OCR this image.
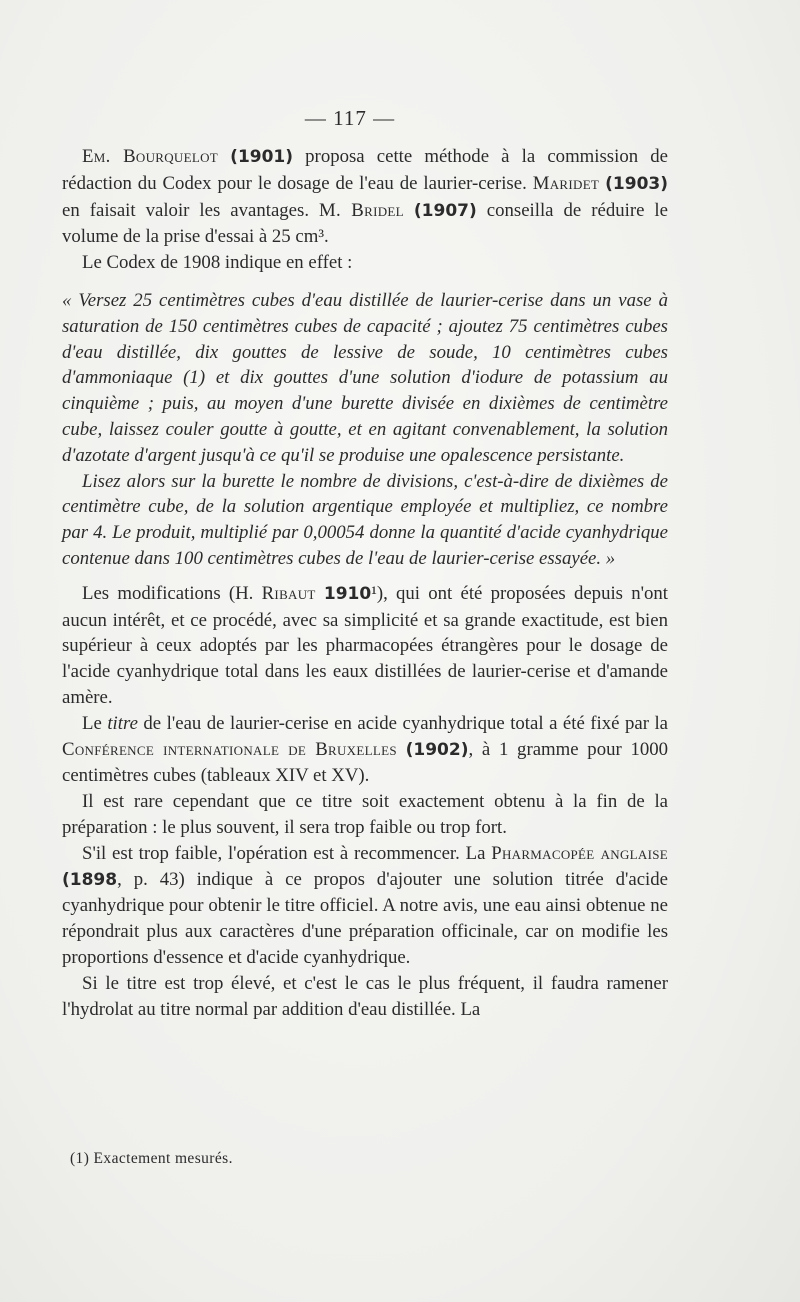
— 117 —

Em. Bourquelot (1901) proposa cette méthode à la commission de rédaction du Codex pour le dosage de l'eau de laurier-cerise. Maridet (1903) en faisait valoir les avantages. M. Bridel (1907) conseilla de réduire le volume de la prise d'essai à 25 cm³.

Le Codex de 1908 indique en effet :

« Versez 25 centimètres cubes d'eau distillée de laurier-cerise dans un vase à saturation de 150 centimètres cubes de capacité ; ajoutez 75 centimètres cubes d'eau distillée, dix gouttes de lessive de soude, 10 centimètres cubes d'ammoniaque (1) et dix gouttes d'une solution d'iodure de potassium au cinquième ; puis, au moyen d'une burette divisée en dixièmes de centimètre cube, laissez couler goutte à goutte, et en agitant convenablement, la solution d'azotate d'argent jusqu'à ce qu'il se produise une opalescence persistante.

Lisez alors sur la burette le nombre de divisions, c'est-à-dire de dixièmes de centimètre cube, de la solution argentique employée et multipliez, ce nombre par 4. Le produit, multiplié par 0,00054 donne la quantité d'acide cyanhydrique contenue dans 100 centimètres cubes de l'eau de laurier-cerise essayée. »

Les modifications (H. Ribaut 1910¹), qui ont été proposées depuis n'ont aucun intérêt, et ce procédé, avec sa simplicité et sa grande exactitude, est bien supérieur à ceux adoptés par les pharmacopées étrangères pour le dosage de l'acide cyanhydrique total dans les eaux distillées de laurier-cerise et d'amande amère.

Le titre de l'eau de laurier-cerise en acide cyanhydrique total a été fixé par la Conférence internationale de Bruxelles (1902), à 1 gramme pour 1000 centimètres cubes (tableaux XIV et XV).

Il est rare cependant que ce titre soit exactement obtenu à la fin de la préparation : le plus souvent, il sera trop faible ou trop fort.

S'il est trop faible, l'opération est à recommencer. La Pharmacopée anglaise (1898, p. 43) indique à ce propos d'ajouter une solution titrée d'acide cyanhydrique pour obtenir le titre officiel. A notre avis, une eau ainsi obtenue ne répondrait plus aux caractères d'une préparation officinale, car on modifie les proportions d'essence et d'acide cyanhydrique.

Si le titre est trop élevé, et c'est le cas le plus fréquent, il faudra ramener l'hydrolat au titre normal par addition d'eau distillée. La

(1) Exactement mesurés.
